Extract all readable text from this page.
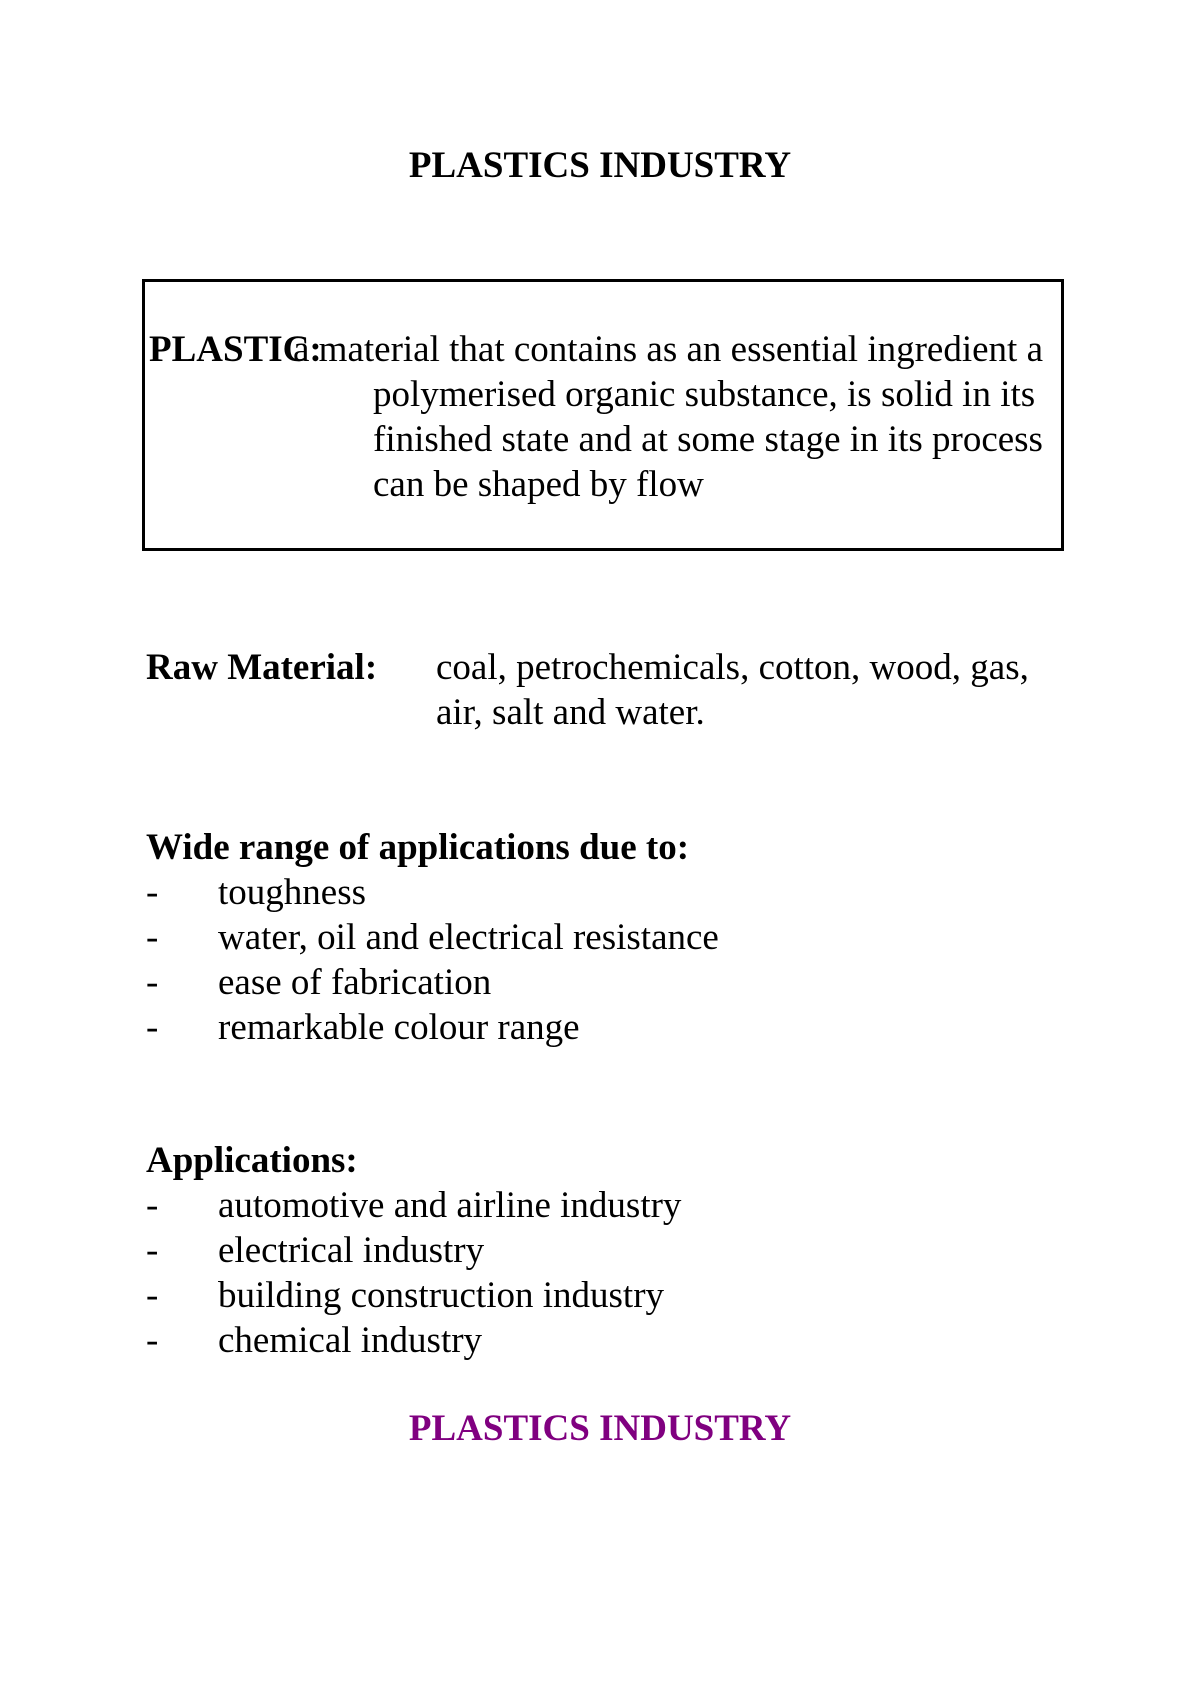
PLASTICS INDUSTRY
PLASTIC:
a material that contains as an essential ingredient a polymerised organic substance, is solid in its finished state and at some stage in its process can be shaped by flow
Raw Material: coal, petrochemicals, cotton, wood, gas, air, salt and water.
Wide range of applications due to:
- toughness
- water, oil and electrical resistance
- ease of fabrication
- remarkable colour range
Applications:
- automotive and airline industry
- electrical industry
- building construction industry
- chemical industry
PLASTICS INDUSTRY
